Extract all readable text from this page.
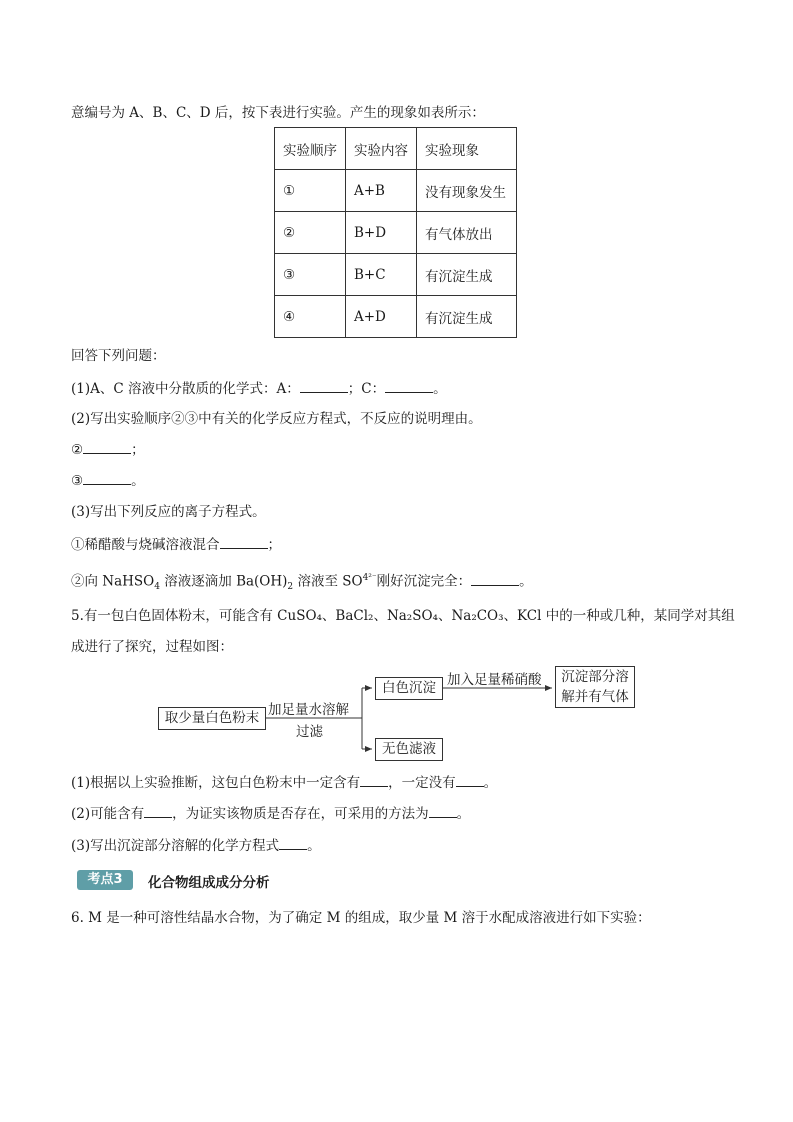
意编号为 A、B、C、D 后，按下表进行实验。产生的现象如表所示：
实验顺序	实验内容	实验现象
①	A+B	没有现象发生
②	B+D	有气体放出
③	B+C	有沉淀生成
④	A+D	有沉淀生成
回答下列问题：
(1)A、C 溶液中分散质的化学式：A：	；C：	。
(2)写出实验顺序②③中有关的化学反应方程式，不反应的说明理由。
②	；
③	。
(3)写出下列反应的离子方程式。
①稀醋酸与烧碱溶液混合	；
②向 NaHSO$_4$ 溶液逐滴加 $Ba(OH)_2$ 溶液至 $SO^{4^{2-}}$刚好沉淀完全：	。
5.有一包白色固体粉末，可能含有 CuSO₄、BaCl₂、Na₂SO₄、Na₂CO₃、KCl 中的一种或几种，某同学对其组
成进行了探究，过程如图：
取少量白色粉末 加足量水溶解
过滤
白色沉淀
无色滤液
加入足量稀硝酸	沉淀部分溶
解并有气体
(1)根据以上实验推断，这包白色粉末中一定含有 ，一定没有 。
(2)可能含有 ，为证实该物质是否存在，可采用的方法为 。
(3)写出沉淀部分溶解的化学方程式 。
考点3	化合物组成成分分析
6. M 是一种可溶性结晶水合物，为了确定 M 的组成，取少量 M 溶于水配成溶液进行如下实验：
